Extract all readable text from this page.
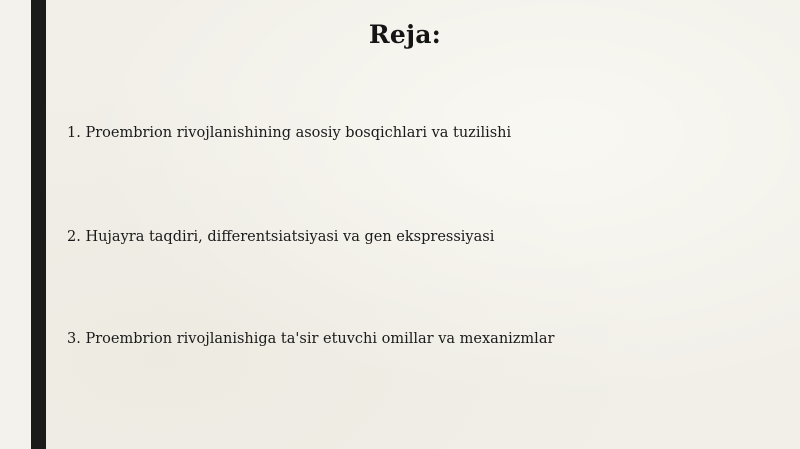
Reja:
1. Proembrion rivojlanishining asosiy bosqichlari va tuzilishi
2. Hujayra taqdiri, differentsiatsiyasi va gen ekspressiyasi
3. Proembrion rivojlanishiga ta'sir etuvchi omillar va mexanizmlar
